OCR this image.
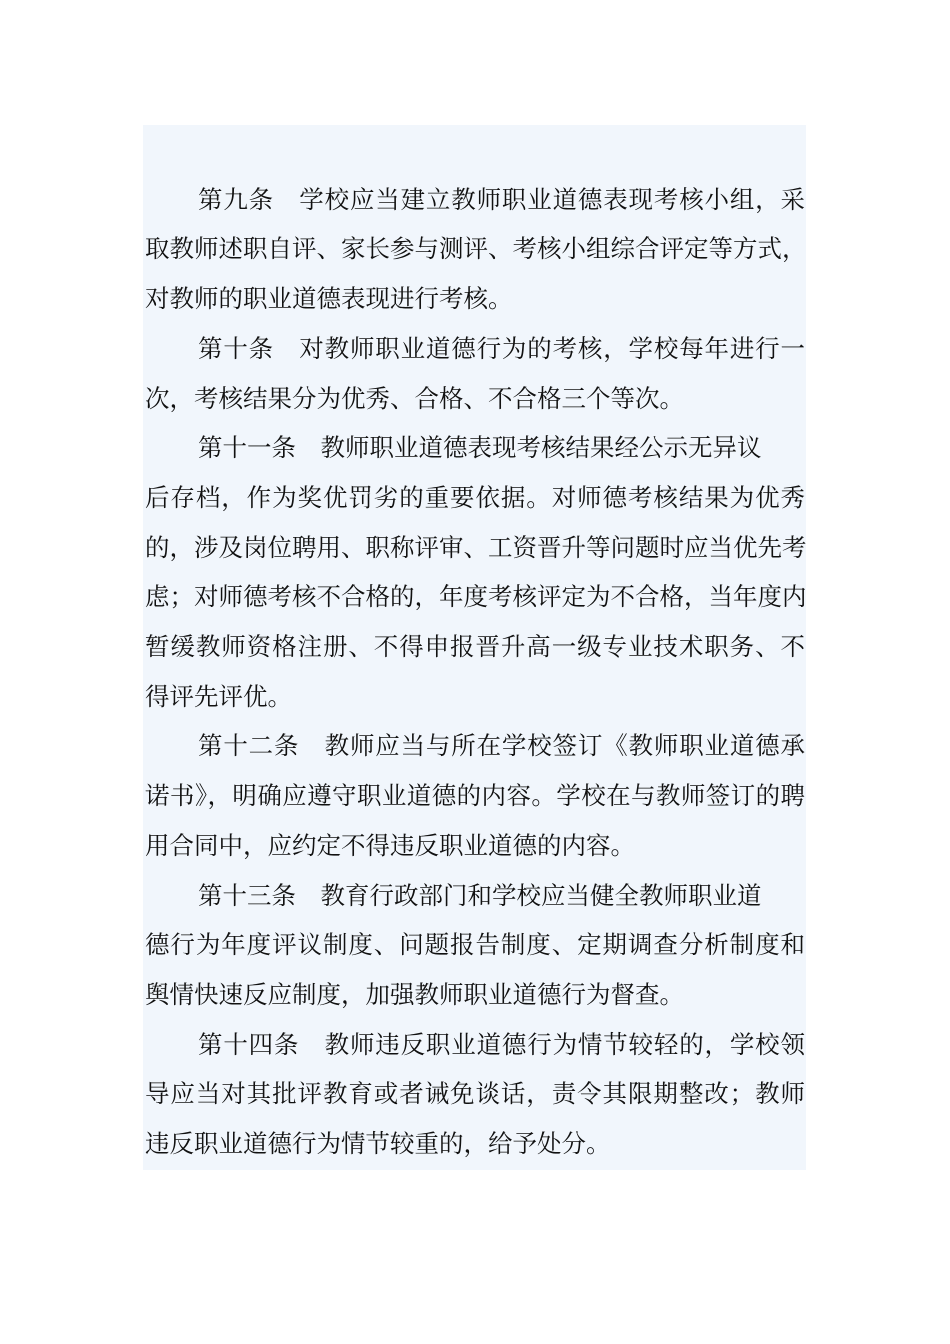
第九条　学校应当建立教师职业道德表现考核小组，采
取教师述职自评、家长参与测评、考核小组综合评定等方式，
对教师的职业道德表现进行考核。
第十条　对教师职业道德行为的考核，学校每年进行一
次，考核结果分为优秀、合格、不合格三个等次。
第十一条　教师职业道德表现考核结果经公示无异议
后存档，作为奖优罚劣的重要依据。对师德考核结果为优秀
的，涉及岗位聘用、职称评审、工资晋升等问题时应当优先考
虑；对师德考核不合格的，年度考核评定为不合格，当年度内
暂缓教师资格注册、不得申报晋升高一级专业技术职务、不
得评先评优。
第十二条　教师应当与所在学校签订《教师职业道德承
诺书》，明确应遵守职业道德的内容。学校在与教师签订的聘
用合同中，应约定不得违反职业道德的内容。
第十三条　教育行政部门和学校应当健全教师职业道
德行为年度评议制度、问题报告制度、定期调查分析制度和
舆情快速反应制度，加强教师职业道德行为督查。
第十四条　教师违反职业道德行为情节较轻的，学校领
导应当对其批评教育或者诫免谈话，责令其限期整改；教师
违反职业道德行为情节较重的，给予处分。
